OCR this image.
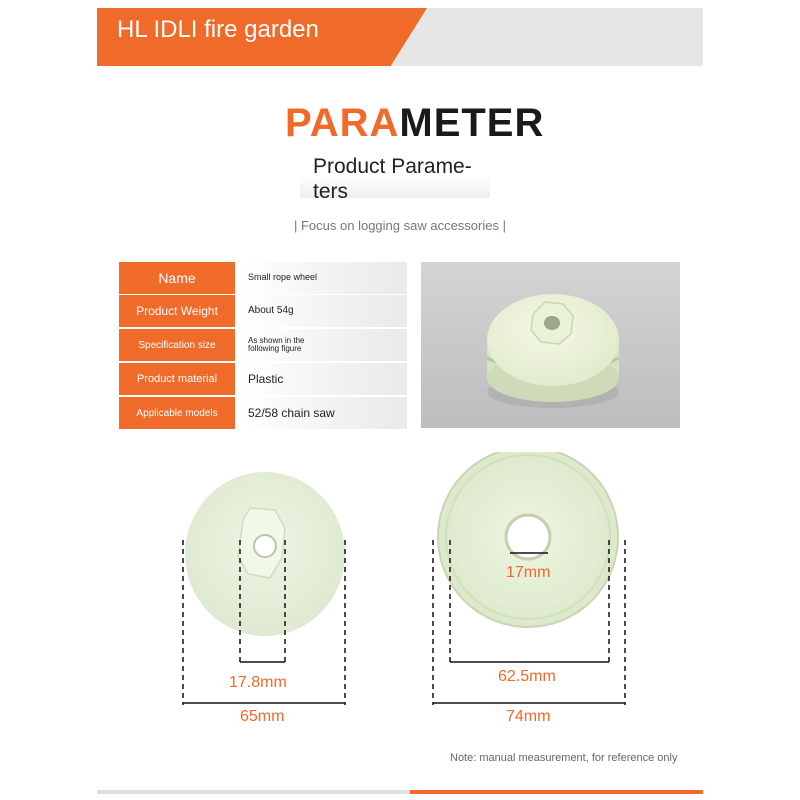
HL IDLI fire garden
PARAMETER
Product Parame-
ters
| Focus on logging saw accessories |
Name	Small rope wheel
Product Weight	About 54g
Specification size	As shown in the
following figure
Product material	Plastic
Applicable models	52/58 chain saw
17.8mm
65mm
17mm
62.5mm
74mm
Note: manual measurement, for reference only
